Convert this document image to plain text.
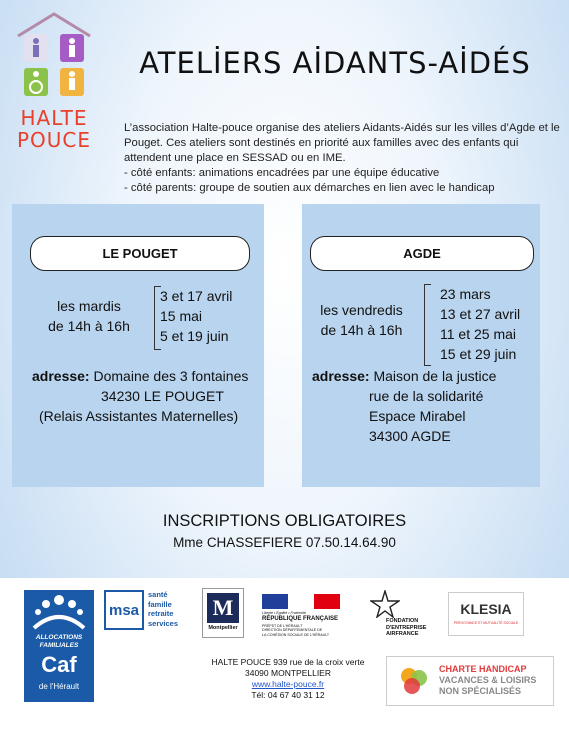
HALTE
POUCE
ATELİERS AİDANTS-AİDÉS

L’association Halte-pouce organise des ateliers Aidants-Aidés sur les villes d’Agde et le Pouget. Ces ateliers sont destinés en priorité aux familles avec des enfants qui attendent une place en SESSAD ou en IME.

- côté enfants: animations encadrées par une équipe éducative

- côté parents: groupe de soutien aux démarches en lien avec le handicap

LE POUGET
les mardis
de 14h à 16h
3 et 17 avril
15 mai
5 et 19 juin
adresse: Domaine des 3 fontaines
34230 LE POUGET
(Relais Assistantes Maternelles)
AGDE
les vendredis
de 14h à 16h
23 mars
13 et 27 avril
11 et 25 mai
15 et 29 juin
adresse: Maison de la justice
rue de la solidarité
Espace Mirabel
34300 AGDE
INSCRIPTIONS OBLIGATOIRES
Mme CHASSEFIERE 07.50.14.64.90
ALLOCATIONS
FAMILIALES
Caf
de l'Hérault
msa
santé
famille
retraite
services
M
Montpellier
Liberté • Égalité • Fraternité
RÉPUBLIQUE FRANÇAISE
PRÉFET DE L'HÉRAULT
DIRECTION DÉPARTEMENTALE DE
LA COHÉSION SOCIALE DE L'HÉRAULT
FONDATION
D'ENTREPRISE
AIRFRANCE
KLESIA
PRÉVOYANCE ET MUTUALITÉ SOCIALE
HALTE POUCE 939 rue de la croix verte
34090 MONTPELLIER
www.halte-pouce.fr
Tél: 04 67 40 31 12
CHARTE HANDICAP
VACANCES & LOISIRS
NON SPÉCIALISÉS
